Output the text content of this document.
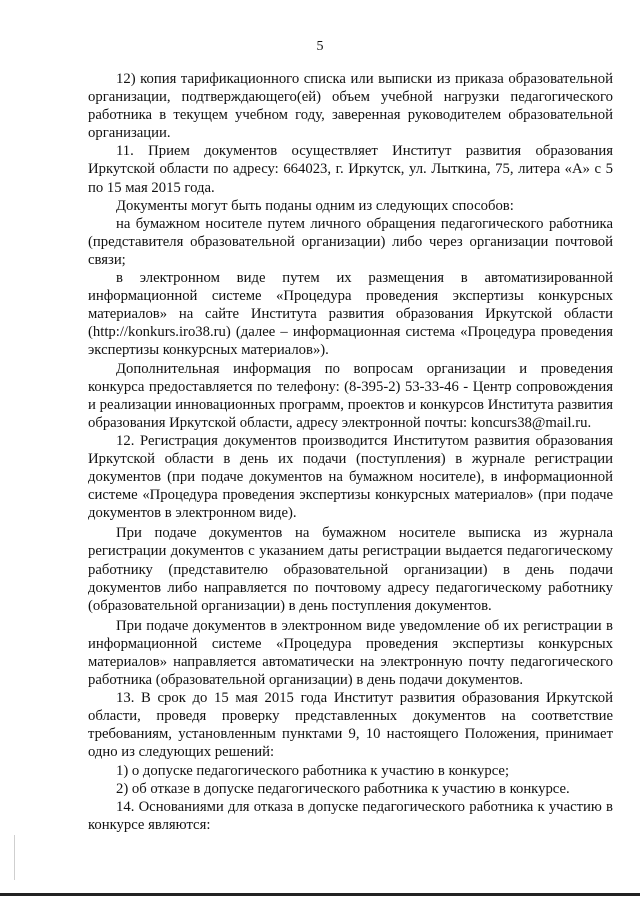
5

12) копия тарификационного списка или выписки из приказа образовательной организации, подтверждающего(ей) объем учебной нагрузки педагогического работника в текущем учебном году, заверенная руководителем образовательной организации.

11. Прием документов осуществляет Институт развития образования Иркутской области по адресу: 664023, г. Иркутск, ул. Лыткина, 75, литера «А» с 5 по 15 мая 2015 года.

Документы могут быть поданы одним из следующих способов:

на бумажном носителе путем личного обращения педагогического работника (представителя образовательной организации) либо через организации почтовой связи;

в электронном виде путем их размещения в автоматизированной информационной системе «Процедура проведения экспертизы конкурсных материалов» на сайте Института развития образования Иркутской области (http://konkurs.iro38.ru) (далее – информационная система «Процедура проведения экспертизы конкурсных материалов»).

Дополнительная информация по вопросам организации и проведения конкурса предоставляется по телефону: (8-395-2) 53-33-46 - Центр сопровождения и реализации инновационных программ, проектов и конкурсов Института развития образования Иркутской области, адресу электронной почты: koncurs38@mail.ru.

12. Регистрация документов производится Институтом развития образования Иркутской области в день их подачи (поступления) в журнале регистрации документов (при подаче документов на бумажном носителе), в информационной системе «Процедура проведения экспертизы конкурсных материалов» (при подаче документов в электронном виде).

При подаче документов на бумажном носителе выписка из журнала регистрации документов с указанием даты регистрации выдается педагогическому работнику (представителю образовательной организации) в день подачи документов либо направляется по почтовому адресу педагогическому работнику (образовательной организации) в день поступления документов.

При подаче документов в электронном виде уведомление об их регистрации в информационной системе «Процедура проведения экспертизы конкурсных материалов» направляется автоматически на электронную почту педагогического работника (образовательной организации) в день подачи документов.

13. В срок до 15 мая 2015 года Институт развития образования Иркутской области, проведя проверку представленных документов на соответствие требованиям, установленным пунктами 9, 10 настоящего Положения, принимает одно из следующих решений:

1) о допуске педагогического работника к участию в конкурсе;

2) об отказе в допуске педагогического работника к участию в конкурсе.

14. Основаниями для отказа в допуске педагогического работника к участию в конкурсе являются:
